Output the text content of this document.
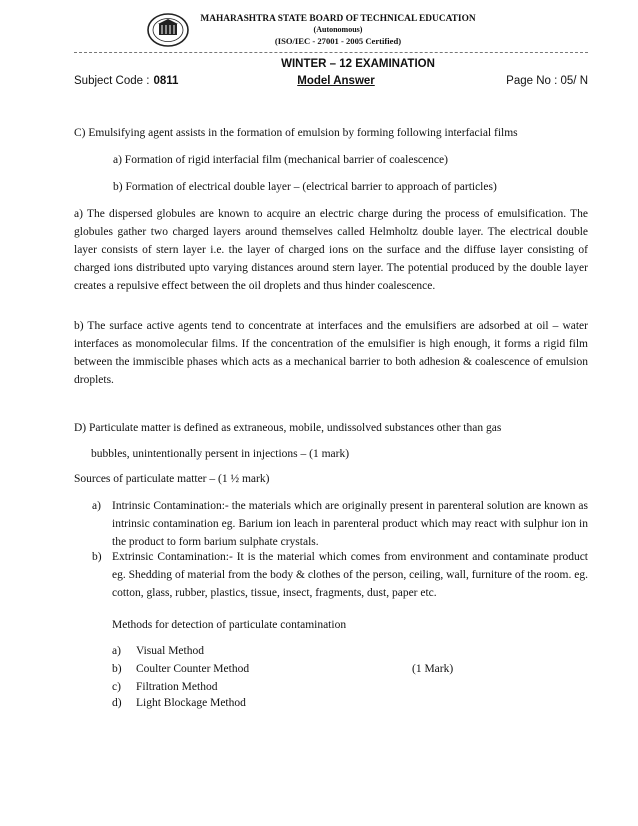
MAHARASHTRA STATE BOARD OF TECHNICAL EDUCATION
(Autonomous)
(ISO/IEC - 27001 - 2005 Certified)
WINTER – 12 EXAMINATION
Subject Code : 0811	Model Answer	Page No : 05/ N
C) Emulsifying agent assists in the formation of emulsion by forming following interfacial films
a) Formation of rigid interfacial film (mechanical barrier of coalescence)
b) Formation of electrical double layer – (electrical barrier to approach of particles)
a) The dispersed globules are known to acquire an electric charge during the process of emulsification. The globules gather two charged layers around themselves called Helmholtz double layer. The electrical double layer consists of stern layer i.e. the layer of charged ions on the surface and the diffuse layer consisting of charged ions distributed upto varying distances around stern layer. The potential produced by the double layer creates a repulsive effect between the oil droplets and thus hinder coalescence.
b) The surface active agents tend to concentrate at interfaces and the emulsifiers are adsorbed at oil – water interfaces as monomolecular films. If the concentration of the emulsifier is high enough, it forms a rigid film between the immiscible phases which acts as a mechanical barrier to both adhesion & coalescence of emulsion droplets.
D) Particulate matter is defined as extraneous, mobile, undissolved substances other than gas
bubbles, unintentionally persent in injections – (1 mark)
Sources of particulate matter – (1 ½ mark)
a) Intrinsic Contamination:- the materials which are originally present in parenteral solution are known as intrinsic contamination eg. Barium ion leach in parenteral product which may react with sulphur ion in the product to form barium sulphate crystals.
b) Extrinsic Contamination:- It is the material which comes from environment and contaminate product eg. Shedding of material from the body & clothes of the person, ceiling, wall, furniture of the room. eg. cotton, glass, rubber, plastics, tissue, insect, fragments, dust, paper etc.
Methods for detection of particulate contamination
a) Visual Method
b) Coulter Counter Method	(1 Mark)
c) Filtration Method
d) Light Blockage Method
